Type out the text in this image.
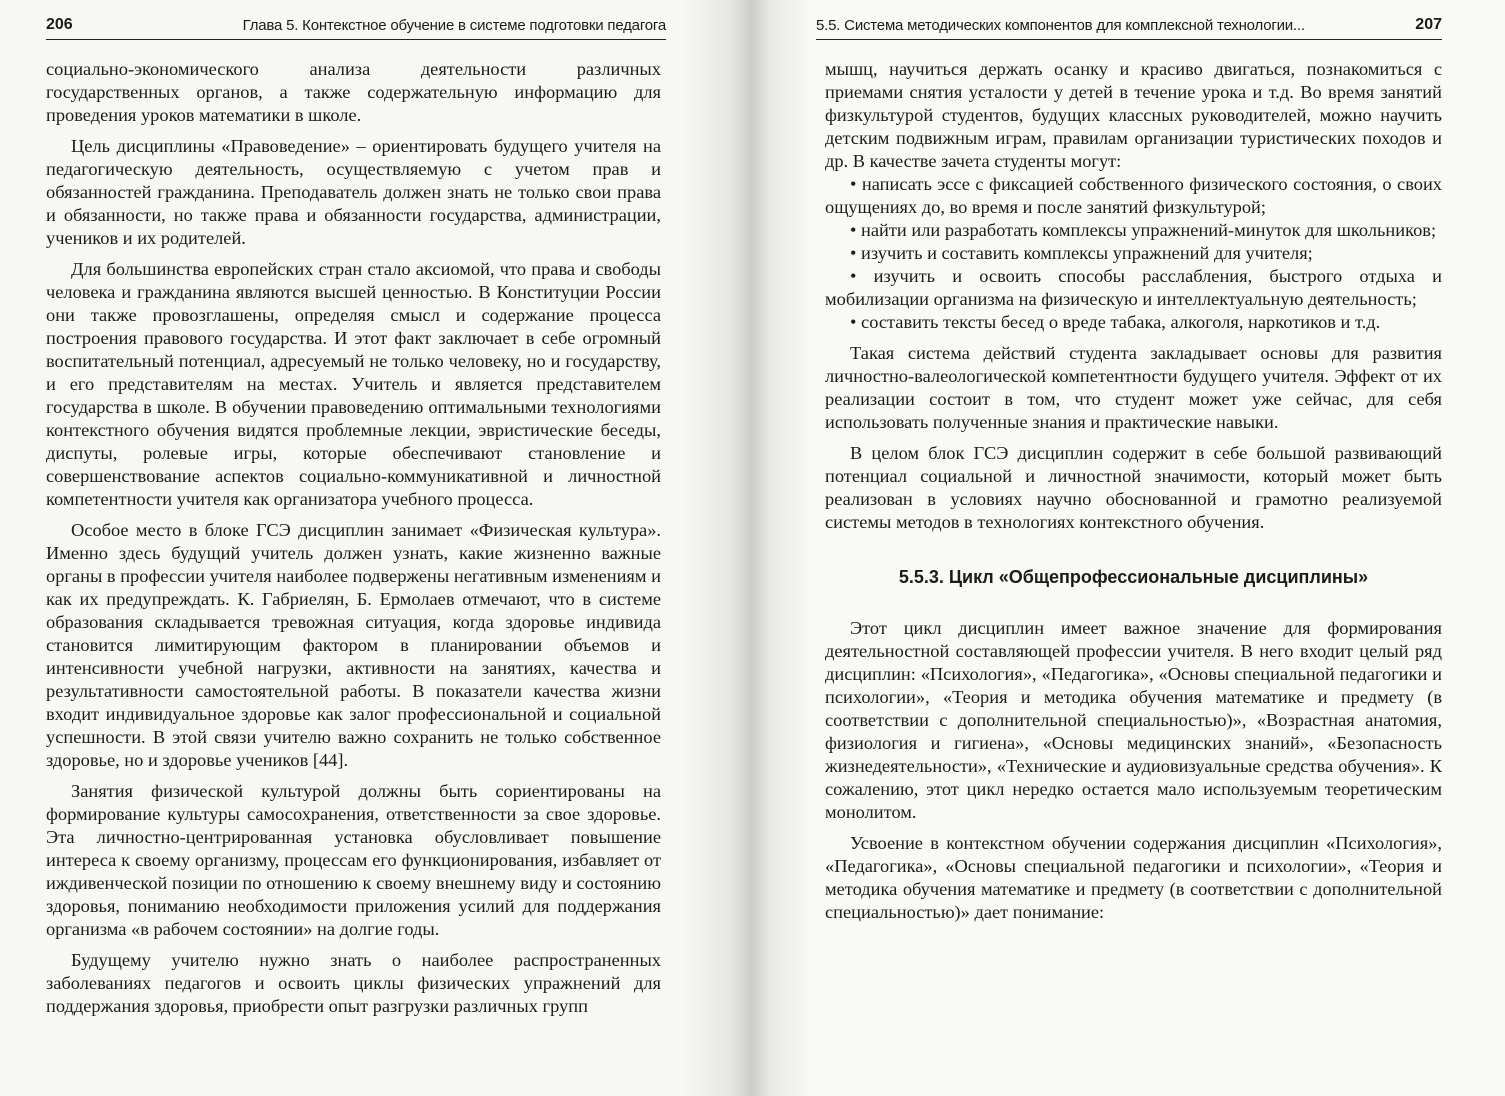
206	Глава 5. Контекстное обучение в системе подготовки педагога	5.5. Система методических компонентов для комплексной технологии...	207

социально-экономического анализа деятельности различных государственных органов, а также содержательную информацию для проведения уроков математики в школе.

Цель дисциплины «Правоведение» – ориентировать будущего учителя на педагогическую деятельность, осуществляемую с учетом прав и обязанностей гражданина. Преподаватель должен знать не только свои права и обязанности, но также права и обязанности государства, администрации, учеников и их родителей.

Для большинства европейских стран стало аксиомой, что права и свободы человека и гражданина являются высшей ценностью. В Конституции России они также провозглашены, определяя смысл и содержание процесса построения правового государства. И этот факт заключает в себе огромный воспитательный потенциал, адресуемый не только человеку, но и государству, и его представителям на местах. Учитель и является представителем государства в школе. В обучении правоведению оптимальными технологиями контекстного обучения видятся проблемные лекции, эвристические беседы, диспуты, ролевые игры, которые обеспечивают становление и совершенствование аспектов социально-коммуникативной и личностной компетентности учителя как организатора учебного процесса.

Особое место в блоке ГСЭ дисциплин занимает «Физическая культура». Именно здесь будущий учитель должен узнать, какие жизненно важные органы в профессии учителя наиболее подвержены негативным изменениям и как их предупреждать. К. Габриелян, Б. Ермолаев отмечают, что в системе образования складывается тревожная ситуация, когда здоровье индивида становится лимитирующим фактором в планировании объемов и интенсивности учебной нагрузки, активности на занятиях, качества и результативности самостоятельной работы. В показатели качества жизни входит индивидуальное здоровье как залог профессиональной и социальной успешности. В этой связи учителю важно сохранить не только собственное здоровье, но и здоровье учеников [44].

Занятия физической культурой должны быть сориентированы на формирование культуры самосохранения, ответственности за свое здоровье. Эта личностно-центрированная установка обусловливает повышение интереса к своему организму, процессам его функционирования, избавляет от иждивенческой позиции по отношению к своему внешнему виду и состоянию здоровья, пониманию необходимости приложения усилий для поддержания организма «в рабочем состоянии» на долгие годы.

Будущему учителю нужно знать о наиболее распространенных заболеваниях педагогов и освоить циклы физических упражнений для поддержания здоровья, приобрести опыт разгрузки различных групп

мышц, научиться держать осанку и красиво двигаться, познакомиться с приемами снятия усталости у детей в течение урока и т.д. Во время занятий физкультурой студентов, будущих классных руководителей, можно научить детским подвижным играм, правилам организации туристических походов и др. В качестве зачета студенты могут:

• написать эссе с фиксацией собственного физического состояния, о своих ощущениях до, во время и после занятий физкультурой;

• найти или разработать комплексы упражнений-минуток для школьников;

• изучить и составить комплексы упражнений для учителя;

• изучить и освоить способы расслабления, быстрого отдыха и мобилизации организма на физическую и интеллектуальную деятельность;

• составить тексты бесед о вреде табака, алкоголя, наркотиков и т.д.

Такая система действий студента закладывает основы для развития личностно-валеологической компетентности будущего учителя. Эффект от их реализации состоит в том, что студент может уже сейчас, для себя использовать полученные знания и практические навыки.

В целом блок ГСЭ дисциплин содержит в себе большой развивающий потенциал социальной и личностной значимости, который может быть реализован в условиях научно обоснованной и грамотно реализуемой системы методов в технологиях контекстного обучения.

5.5.3. Цикл «Общепрофессиональные дисциплины»

Этот цикл дисциплин имеет важное значение для формирования деятельностной составляющей профессии учителя. В него входит целый ряд дисциплин: «Психология», «Педагогика», «Основы специальной педагогики и психологии», «Теория и методика обучения математике и предмету (в соответствии с дополнительной специальностью)», «Возрастная анатомия, физиология и гигиена», «Основы медицинских знаний», «Безопасность жизнедеятельности», «Технические и аудиовизуальные средства обучения». К сожалению, этот цикл нередко остается мало используемым теоретическим монолитом.

Усвоение в контекстном обучении содержания дисциплин «Психология», «Педагогика», «Основы специальной педагогики и психологии», «Теория и методика обучения математике и предмету (в соответствии с дополнительной специальностью)» дает понимание:
